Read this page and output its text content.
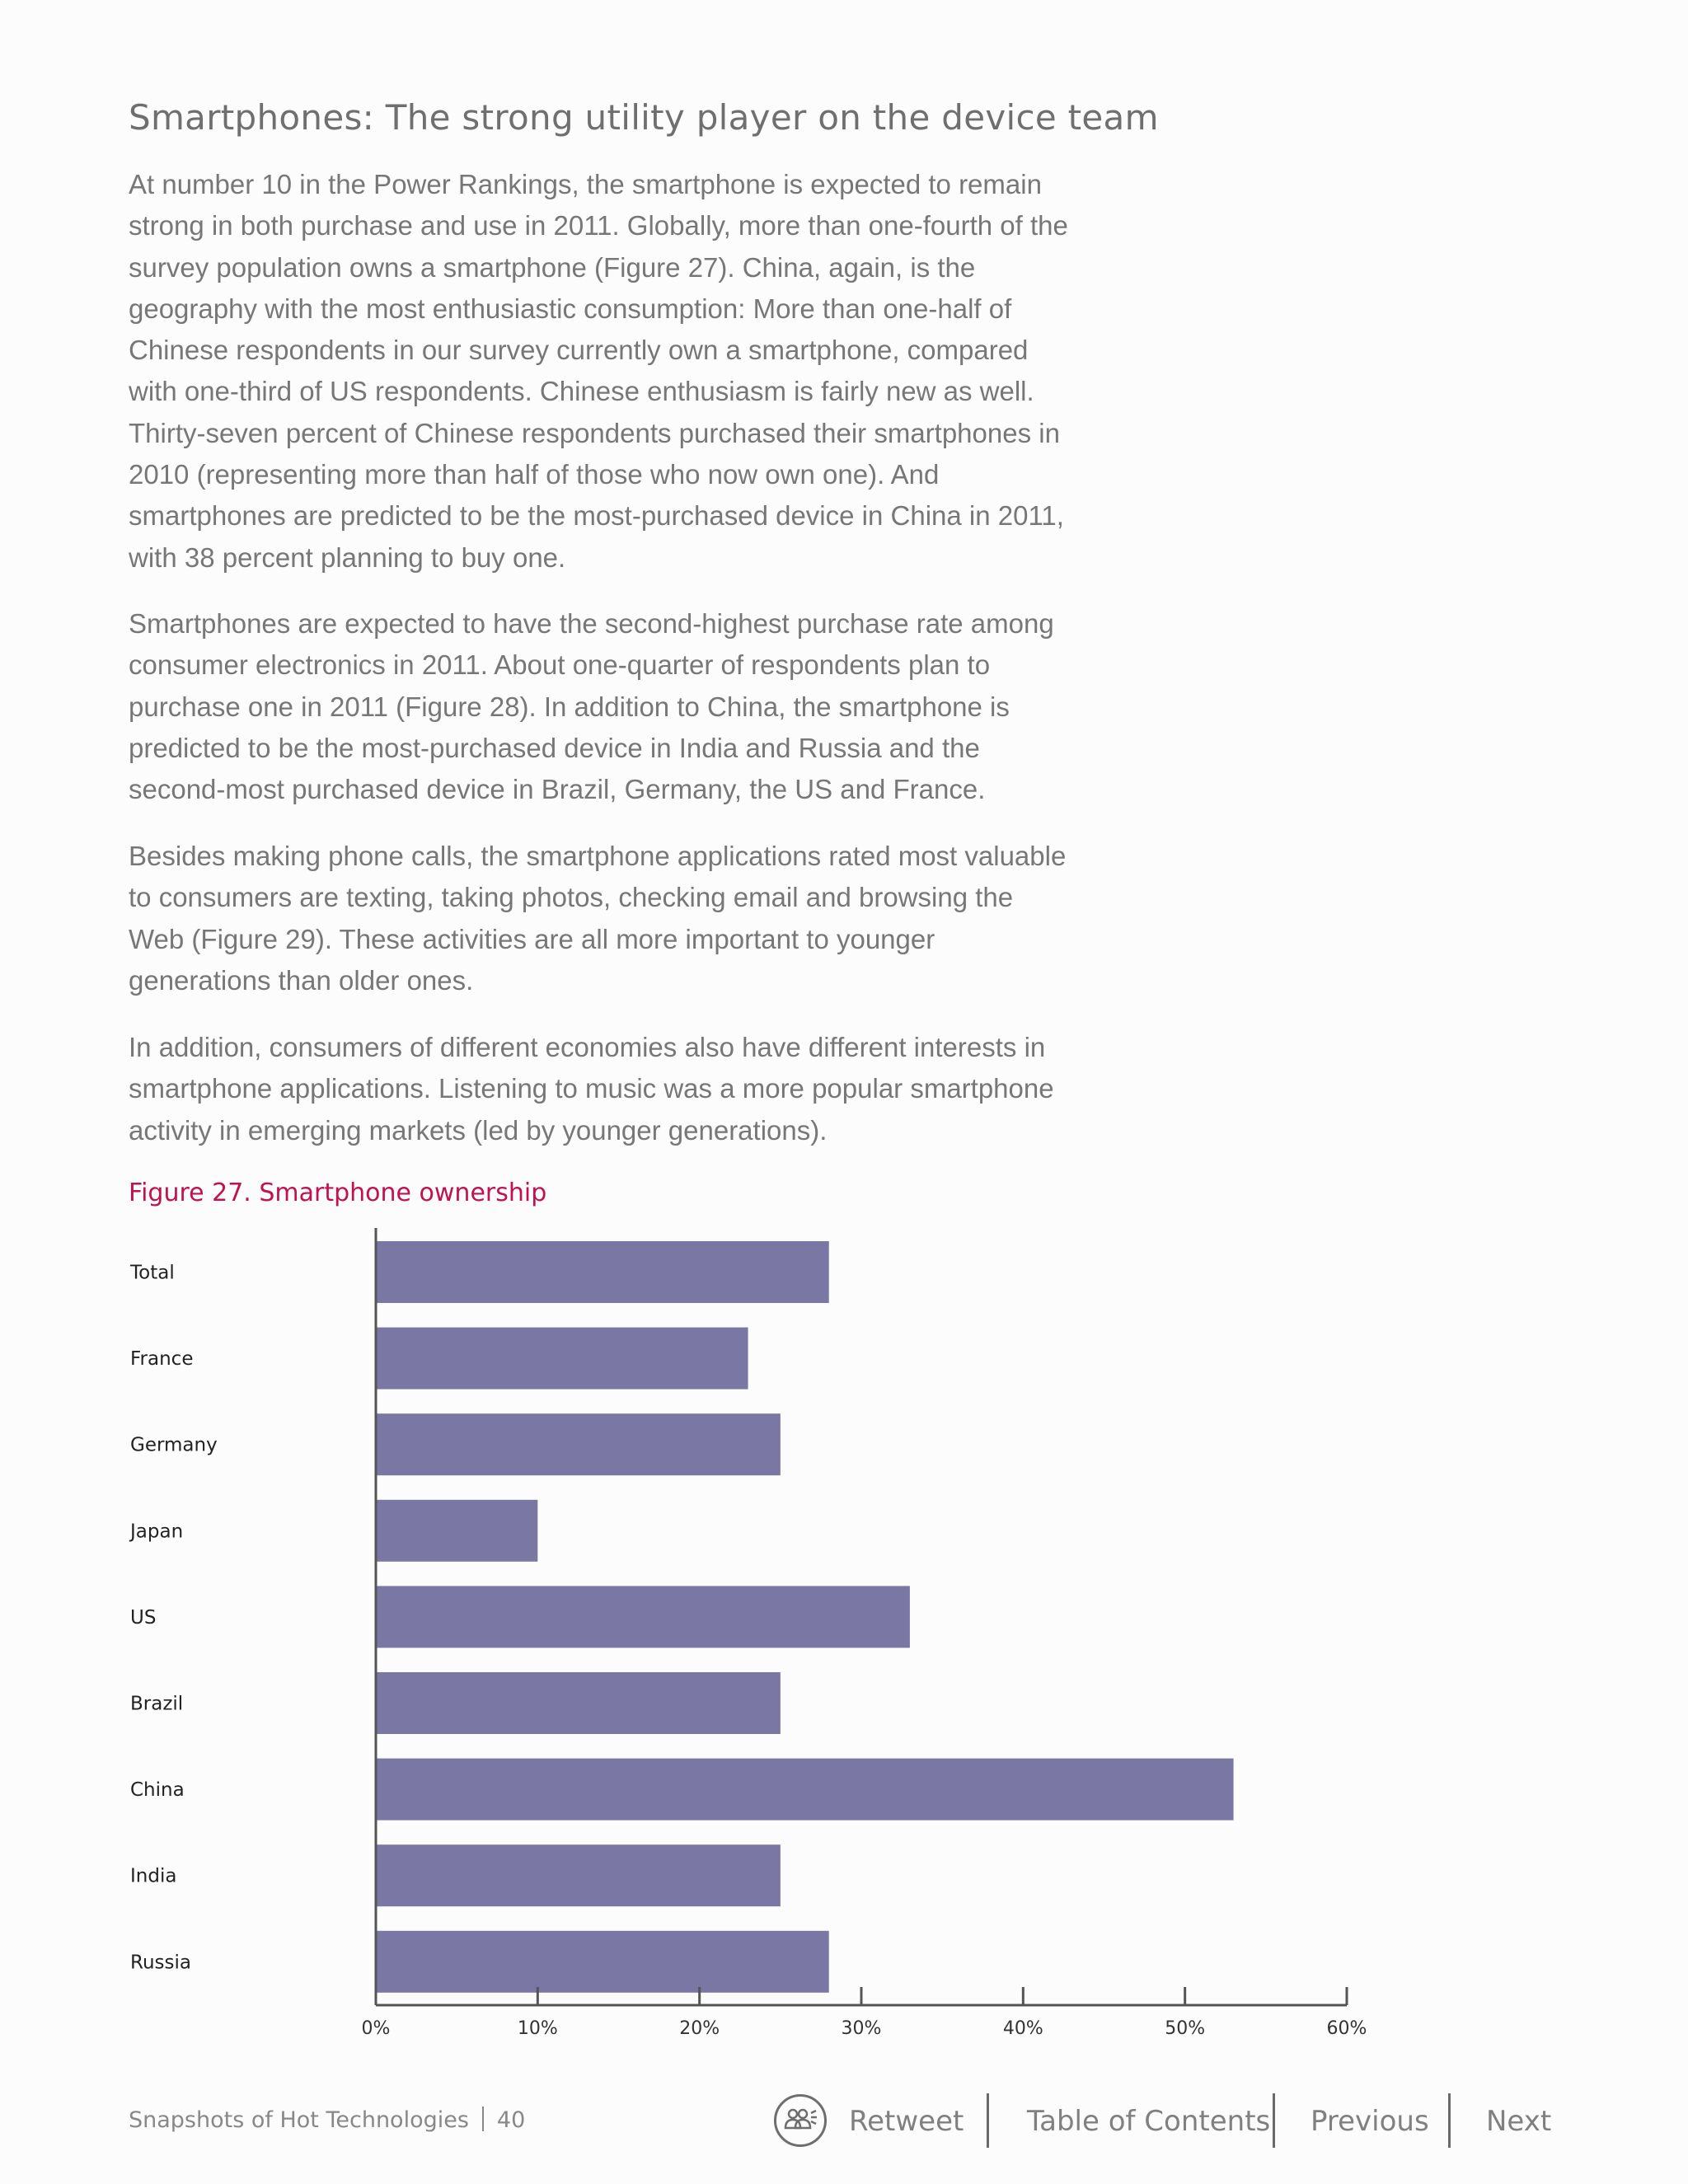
Smartphones: The strong utility player on the device team

At number 10 in the Power Rankings, the smartphone is expected to remain strong in both purchase and use in 2011. Globally, more than one-fourth of the survey population owns a smartphone (Figure 27). China, again, is the geography with the most enthusiastic consumption: More than one-half of Chinese respondents in our survey currently own a smartphone, compared with one-third of US respondents. Chinese enthusiasm is fairly new as well. Thirty-seven percent of Chinese respondents purchased their smartphones in 2010 (representing more than half of those who now own one). And smartphones are predicted to be the most-purchased device in China in 2011, with 38 percent planning to buy one.

Smartphones are expected to have the second-highest purchase rate among consumer electronics in 2011. About one-quarter of respondents plan to purchase one in 2011 (Figure 28). In addition to China, the smartphone is predicted to be the most-purchased device in India and Russia and the second-most purchased device in Brazil, Germany, the US and France.

Besides making phone calls, the smartphone applications rated most valuable to consumers are texting, taking photos, checking email and browsing the Web (Figure 29). These activities are all more important to younger generations than older ones.

In addition, consumers of different economies also have different interests in smartphone applications. Listening to music was a more popular smartphone activity in emerging markets (led by younger generations).

Figure 27. Smartphone ownership
Total
France
Germany
Japan
US
Brazil
China
India
Russia
0%	10%	20%	30%	40%	50%	60%
Snapshots of Hot Technologies 40	Retweet Table of Contents Previous Next
